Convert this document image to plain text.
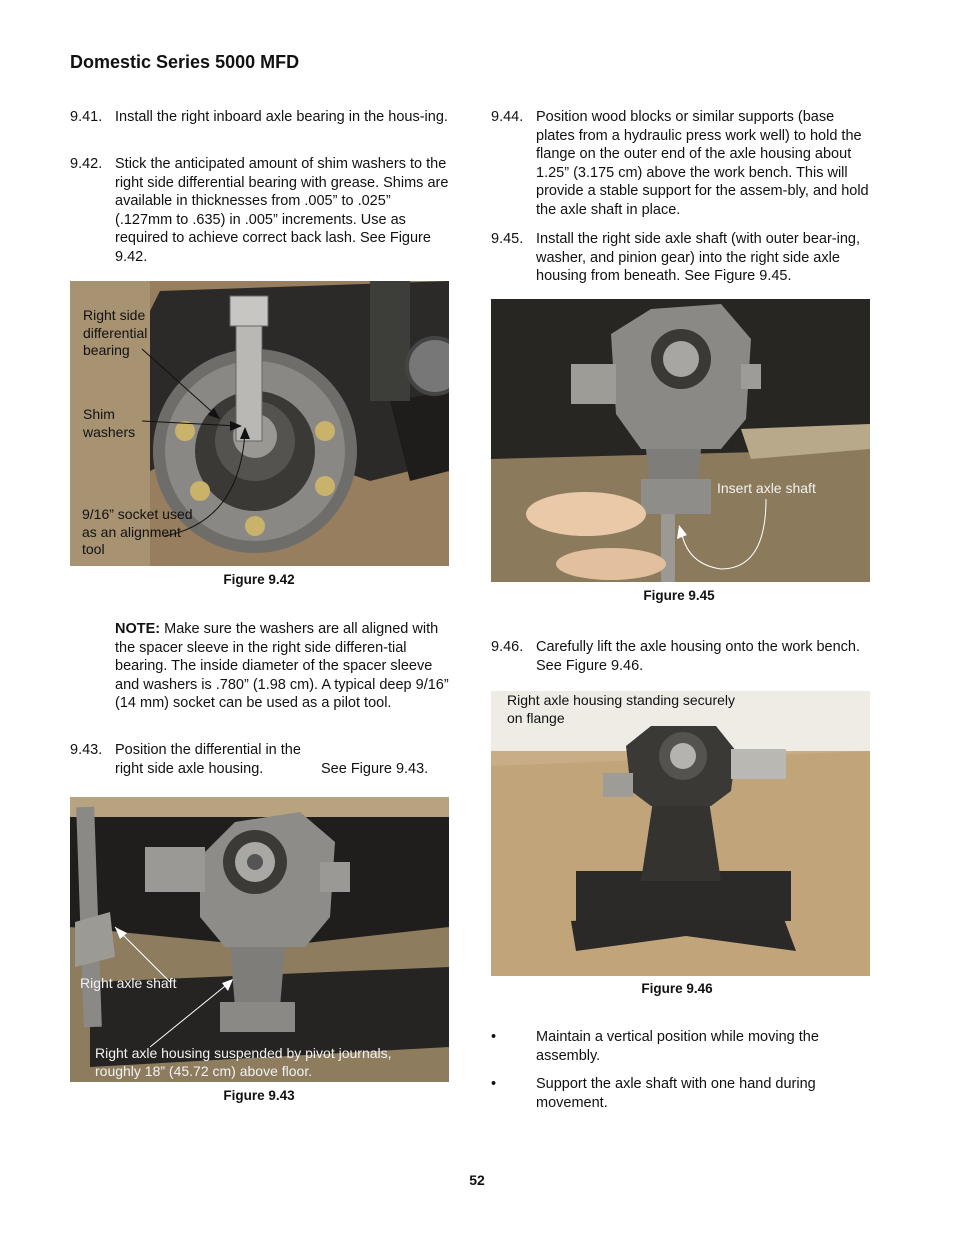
Domestic Series 5000 MFD
9.41. Install the right inboard axle bearing in the hous-ing.
9.42. Stick the anticipated amount of shim washers to the right side differential bearing with grease. Shims are available in thicknesses from .005” to .025” (.127mm to .635) in .005” increments. Use as required to achieve correct back lash. See Figure 9.42.
Right side differential bearing
Shim washers
9/16” socket used as an alignment tool
Figure 9.42
NOTE: Make sure the washers are all aligned with the spacer sleeve in the right side differen-tial bearing. The inside diameter of the spacer sleeve and washers is .780” (1.98 cm). A typical deep 9/16” (14 mm) socket can be used as a pilot tool.
9.43. Position the differential in the right side axle housing.	See Figure 9.43.
Right axle shaft
Right axle housing suspended by pivot journals, roughly 18” (45.72 cm) above floor.
Figure 9.43
9.44. Position wood blocks or similar supports (base plates from a hydraulic press work well) to hold the flange on the outer end of the axle housing about 1.25” (3.175 cm) above the work bench. This will provide a stable support for the assem-bly, and hold the axle shaft in place.
9.45. Install the right side axle shaft (with outer bear-ing, washer, and pinion gear) into the right side axle housing from beneath. See Figure 9.45.
Insert axle shaft
Figure 9.45
9.46. Carefully lift the axle housing onto the work bench. See Figure 9.46.
Right axle housing standing securely on flange
Figure 9.46
•	Maintain a vertical position while moving the assembly.
•	Support the axle shaft with one hand during movement.
52
